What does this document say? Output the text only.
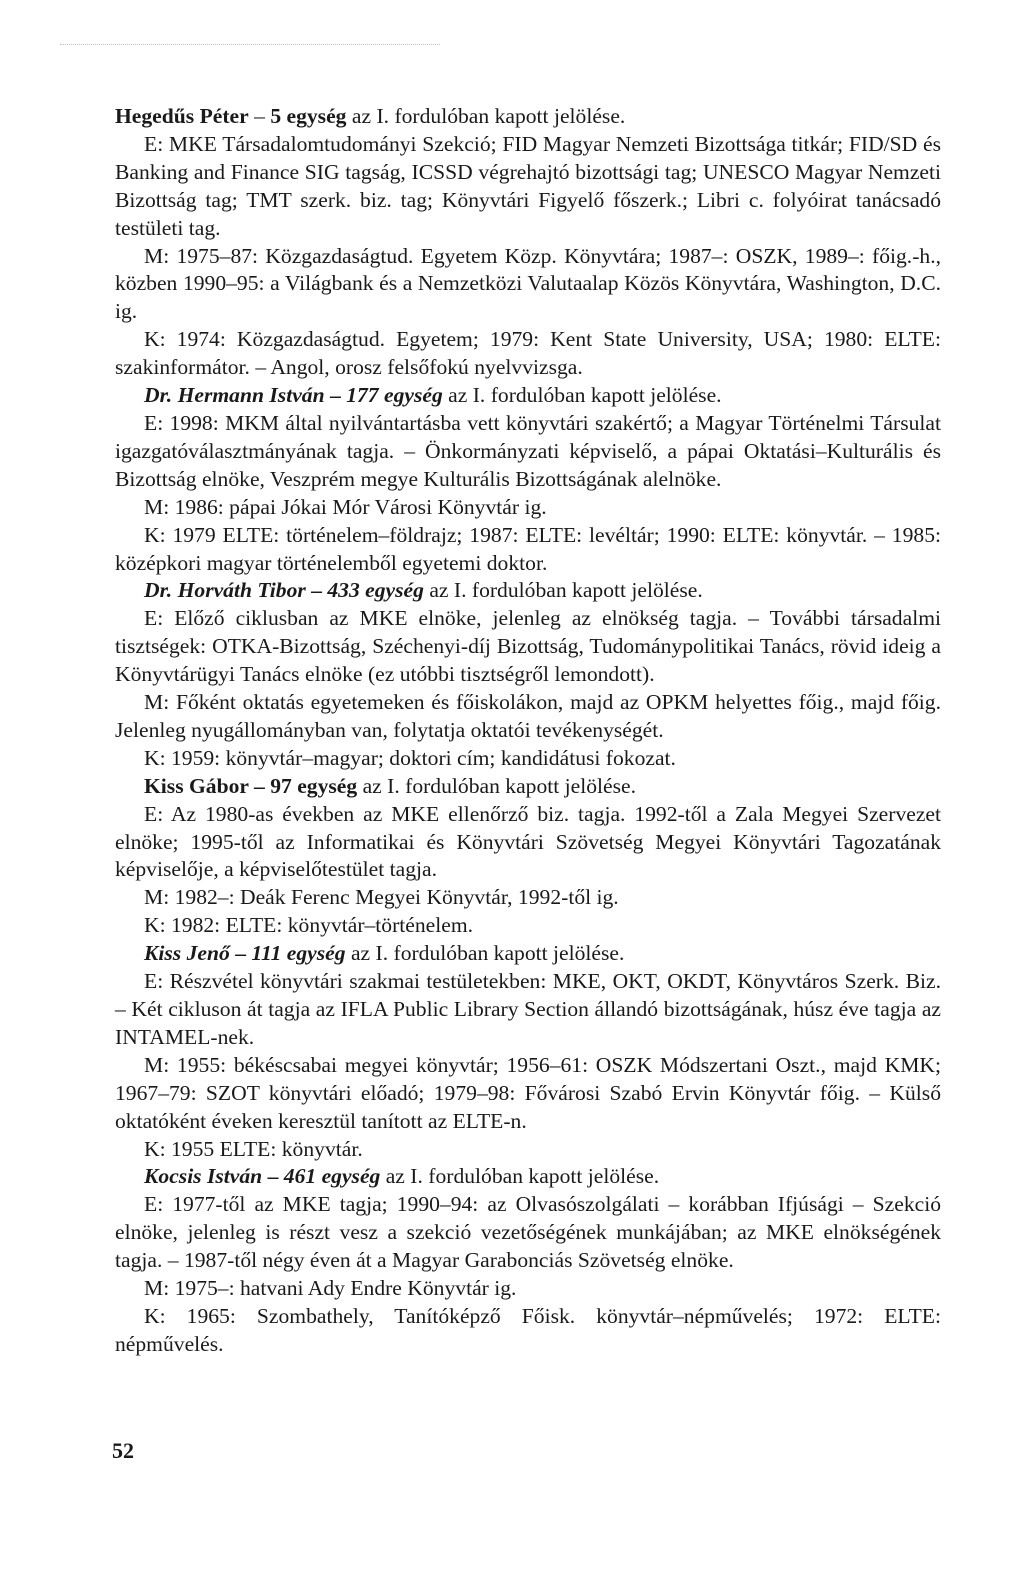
Hegedűs Péter – 5 egység az I. fordulóban kapott jelölése.

E: MKE Társadalomtudományi Szekció; FID Magyar Nemzeti Bizottsága titkár; FID/SD és Banking and Finance SIG tagság, ICSSD végrehajtó bizottsági tag; UNESCO Magyar Nemzeti Bizottság tag; TMT szerk. biz. tag; Könyvtári Figyelő főszerk.; Libri c. folyóirat tanácsadó testületi tag.

M: 1975–87: Közgazdaságtud. Egyetem Közp. Könyvtára; 1987–: OSZK, 1989–: főig.-h., közben 1990–95: a Világbank és a Nemzetközi Valutaalap Közös Könyvtára, Washington, D.C. ig.

K: 1974: Közgazdaságtud. Egyetem; 1979: Kent State University, USA; 1980: ELTE: szakinformátor. – Angol, orosz felsőfokú nyelvvizsga.

Dr. Hermann István – 177 egység az I. fordulóban kapott jelölése.

E: 1998: MKM által nyilvántartásba vett könyvtári szakértő; a Magyar Történelmi Társulat igazgatóválasztmányának tagja. – Önkormányzati képviselő, a pápai Oktatási–Kulturális és Bizottság elnöke, Veszprém megye Kulturális Bizottságának alelnöke.

M: 1986: pápai Jókai Mór Városi Könyvtár ig.

K: 1979 ELTE: történelem–földrajz; 1987: ELTE: levéltár; 1990: ELTE: könyvtár. – 1985: középkori magyar történelemből egyetemi doktor.

Dr. Horváth Tibor – 433 egység az I. fordulóban kapott jelölése.

E: Előző ciklusban az MKE elnöke, jelenleg az elnökség tagja. – További társadalmi tisztségek: OTKA-Bizottság, Széchenyi-díj Bizottság, Tudománypolitikai Tanács, rövid ideig a Könyvtárügyi Tanács elnöke (ez utóbbi tisztségről lemondott).

M: Főként oktatás egyetemeken és főiskolákon, majd az OPKM helyettes főig., majd főig. Jelenleg nyugállományban van, folytatja oktatói tevékenységét.

K: 1959: könyvtár–magyar; doktori cím; kandidátusi fokozat.

Kiss Gábor – 97 egység az I. fordulóban kapott jelölése.

E: Az 1980-as években az MKE ellenőrző biz. tagja. 1992-től a Zala Megyei Szervezet elnöke; 1995-től az Informatikai és Könyvtári Szövetség Megyei Könyvtári Tagozatának képviselője, a képviselőtestület tagja.

M: 1982–: Deák Ferenc Megyei Könyvtár, 1992-től ig.

K: 1982: ELTE: könyvtár–történelem.

Kiss Jenő – 111 egység az I. fordulóban kapott jelölése.

E: Részvétel könyvtári szakmai testületekben: MKE, OKT, OKDT, Könyvtáros Szerk. Biz. – Két cikluson át tagja az IFLA Public Library Section állandó bizottságának, húsz éve tagja az INTAMEL-nek.

M: 1955: békéscsabai megyei könyvtár; 1956–61: OSZK Módszertani Oszt., majd KMK; 1967–79: SZOT könyvtári előadó; 1979–98: Fővárosi Szabó Ervin Könyvtár főig. – Külső oktatóként éveken keresztül tanított az ELTE-n.

K: 1955 ELTE: könyvtár.

Kocsis István – 461 egység az I. fordulóban kapott jelölése.

E: 1977-től az MKE tagja; 1990–94: az Olvasószolgálati – korábban Ifjúsági – Szekció elnöke, jelenleg is részt vesz a szekció vezetőségének munkájában; az MKE elnökségének tagja. – 1987-től négy éven át a Magyar Garabonciás Szövetség elnöke.

M: 1975–: hatvani Ady Endre Könyvtár ig.

K: 1965: Szombathely, Tanítóképző Főisk. könyvtár–népművelés; 1972: ELTE: népművelés.

52
